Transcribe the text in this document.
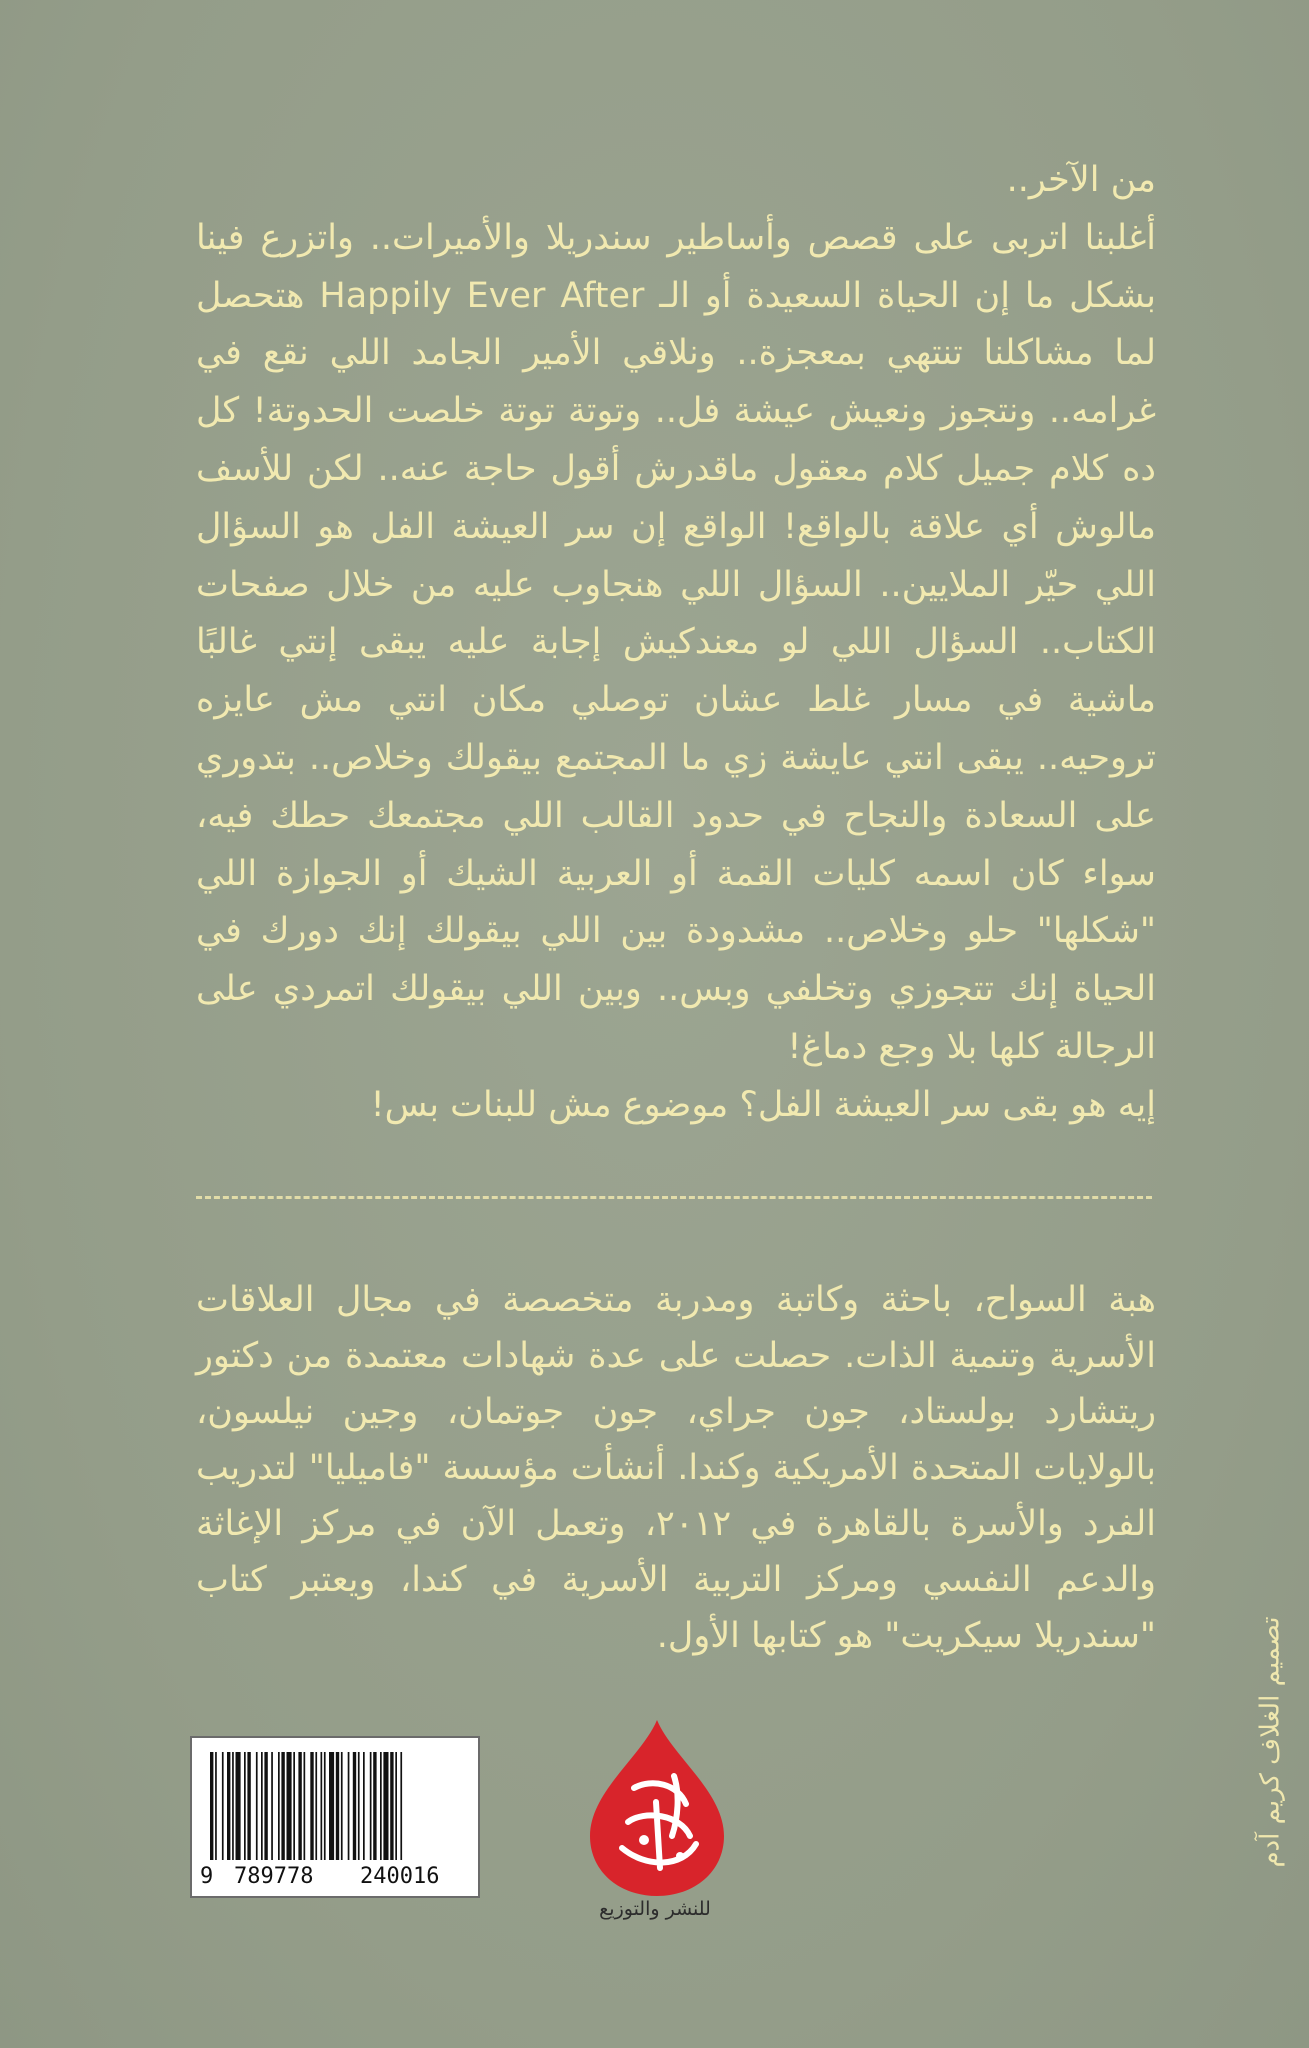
من الآخر..

أغلبنا اتربى على قصص وأساطير سندريلا والأميرات.. واتزرع فينا بشكل ما إن الحياة السعيدة أو الـ Happily Ever After هتحصل لما مشاكلنا تنتهي بمعجزة.. ونلاقي الأمير الجامد اللي نقع في غرامه.. ونتجوز ونعيش عيشة فل.. وتوتة توتة خلصت الحدوتة! كل ده كلام جميل كلام معقول ماقدرش أقول حاجة عنه.. لكن للأسف مالوش أي علاقة بالواقع! الواقع إن سر العيشة الفل هو السؤال اللي حيّر الملايين.. السؤال اللي هنجاوب عليه من خلال صفحات الكتاب.. السؤال اللي لو معندكيش إجابة عليه يبقى إنتي غالبًا ماشية في مسار غلط عشان توصلي مكان انتي مش عايزه تروحيه.. يبقى انتي عايشة زي ما المجتمع بيقولك وخلاص.. بتدوري على السعادة والنجاح في حدود القالب اللي مجتمعك حطك فيه، سواء كان اسمه كليات القمة أو العربية الشيك أو الجوازة اللي "شكلها" حلو وخلاص.. مشدودة بين اللي بيقولك إنك دورك في الحياة إنك تتجوزي وتخلفي وبس.. وبين اللي بيقولك اتمردي على الرجالة كلها بلا وجع دماغ!

إيه هو بقى سر العيشة الفل؟ موضوع مش للبنات بس!

هبة السواح، باحثة وكاتبة ومدربة متخصصة في مجال العلاقات الأسرية وتنمية الذات. حصلت على عدة شهادات معتمدة من دكتور ريتشارد بولستاد، جون جراي، جون جوتمان، وجين نيلسون، بالولايات المتحدة الأمريكية وكندا. أنشأت مؤسسة "فاميليا" لتدريب الفرد والأسرة بالقاهرة في ٢٠١٢، وتعمل الآن في مركز الإغاثة والدعم النفسي ومركز التربية الأسرية في كندا، ويعتبر كتاب "سندريلا سيكريت" هو كتابها الأول.	تصميم الغلاف كريم آدم
9 789778 240016
للنشر والتوزيع
